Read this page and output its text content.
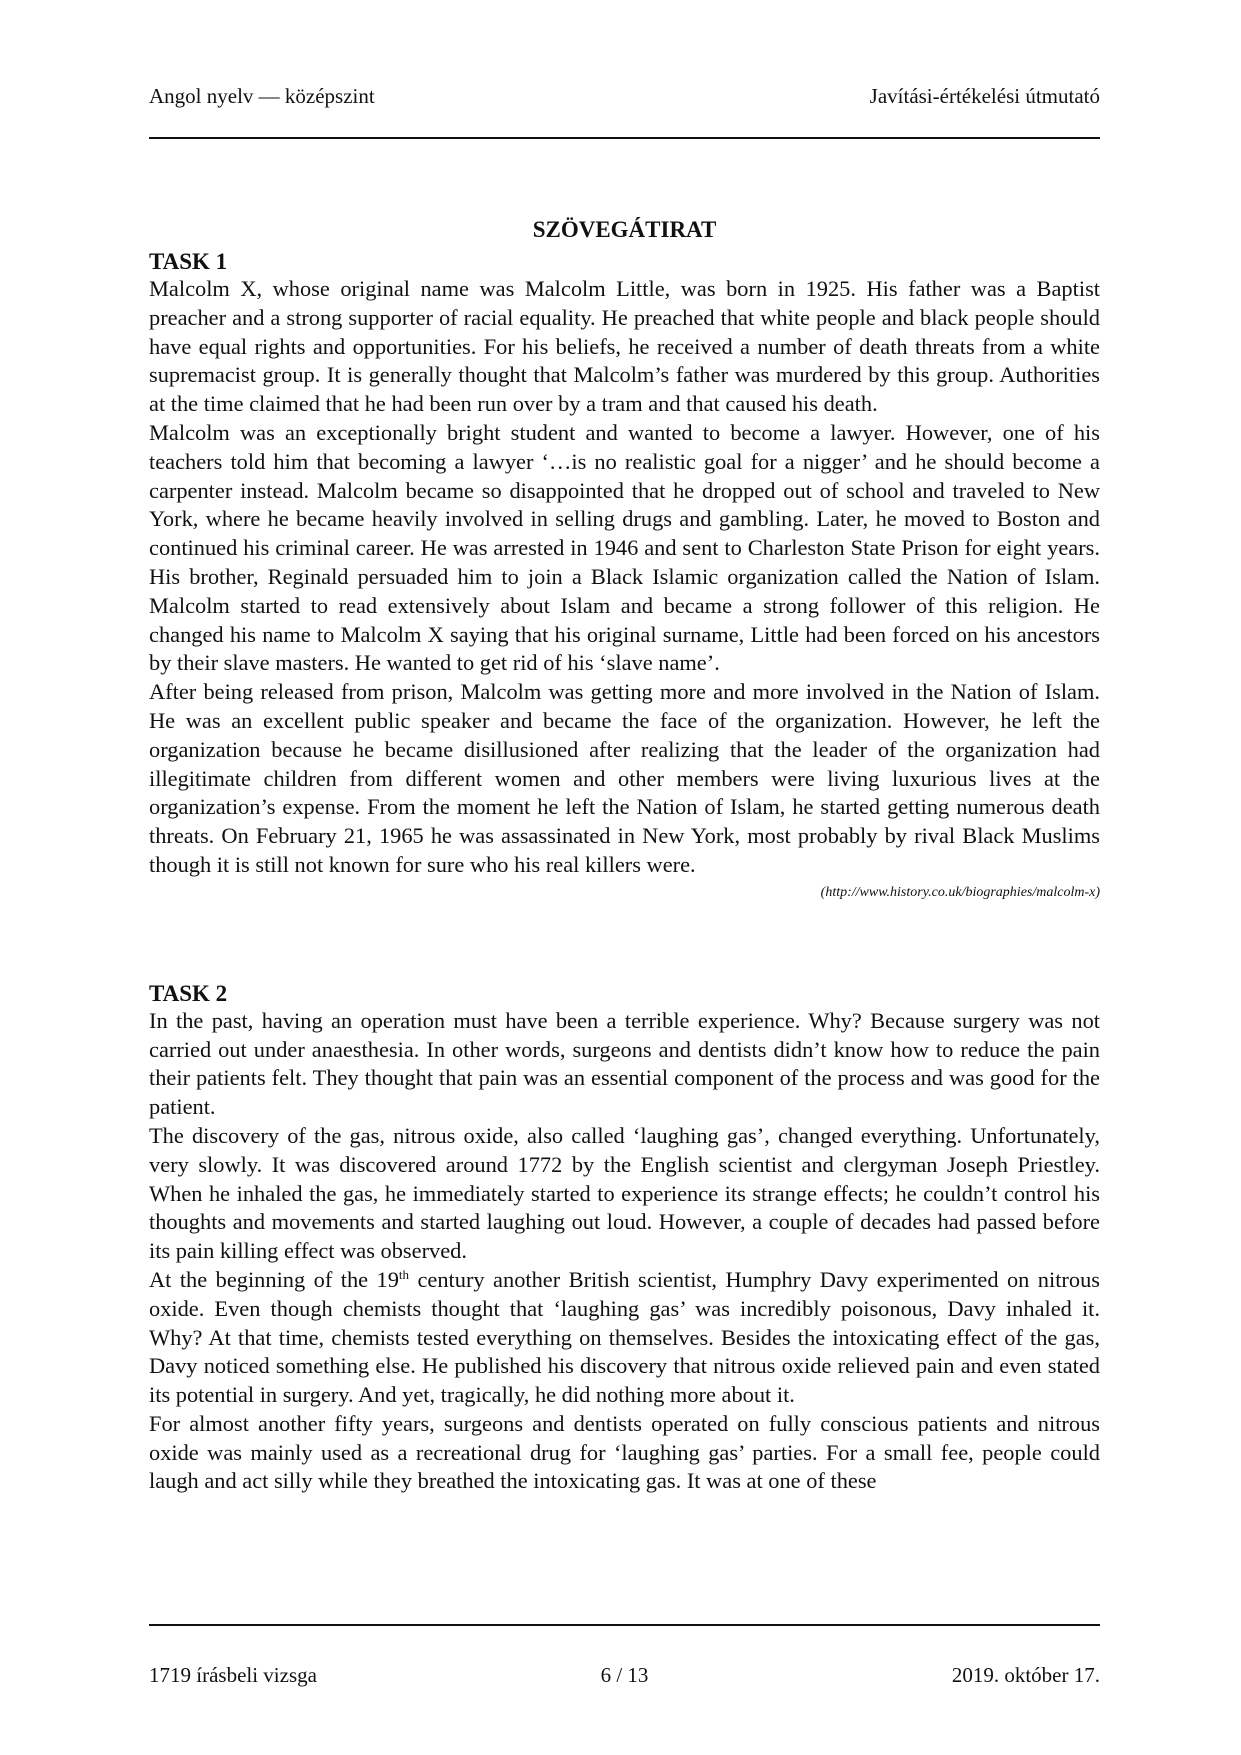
Angol nyelv — középszint	Javítási-értékelési útmutató

SZÖVEGÁTIRAT

TASK 1

Malcolm X, whose original name was Malcolm Little, was born in 1925. His father was a Baptist preacher and a strong supporter of racial equality. He preached that white people and black people should have equal rights and opportunities. For his beliefs, he received a number of death threats from a white supremacist group. It is generally thought that Malcolm’s father was murdered by this group. Authorities at the time claimed that he had been run over by a tram and that caused his death.

Malcolm was an exceptionally bright student and wanted to become a lawyer. However, one of his teachers told him that becoming a lawyer ‘…is no realistic goal for a nigger’ and he should become a carpenter instead. Malcolm became so disappointed that he dropped out of school and traveled to New York, where he became heavily involved in selling drugs and gambling. Later, he moved to Boston and continued his criminal career. He was arrested in 1946 and sent to Charleston State Prison for eight years. His brother, Reginald persuaded him to join a Black Islamic organization called the Nation of Islam. Malcolm started to read extensively about Islam and became a strong follower of this religion. He changed his name to Malcolm X saying that his original surname, Little had been forced on his ancestors by their slave masters. He wanted to get rid of his ‘slave name’.

After being released from prison, Malcolm was getting more and more involved in the Nation of Islam. He was an excellent public speaker and became the face of the organization. However, he left the organization because he became disillusioned after realizing that the leader of the organization had illegitimate children from different women and other members were living luxurious lives at the organization’s expense. From the moment he left the Nation of Islam, he started getting numerous death threats. On February 21, 1965 he was assassinated in New York, most probably by rival Black Muslims though it is still not known for sure who his real killers were.

(http://www.history.co.uk/biographies/malcolm-x)

TASK 2

In the past, having an operation must have been a terrible experience. Why? Because surgery was not carried out under anaesthesia. In other words, surgeons and dentists didn’t know how to reduce the pain their patients felt. They thought that pain was an essential component of the process and was good for the patient.

The discovery of the gas, nitrous oxide, also called ‘laughing gas’, changed everything. Unfortunately, very slowly. It was discovered around 1772 by the English scientist and clergyman Joseph Priestley. When he inhaled the gas, he immediately started to experience its strange effects; he couldn’t control his thoughts and movements and started laughing out loud. However, a couple of decades had passed before its pain killing effect was observed.

At the beginning of the 19th century another British scientist, Humphry Davy experimented on nitrous oxide. Even though chemists thought that ‘laughing gas’ was incredibly poisonous, Davy inhaled it. Why? At that time, chemists tested everything on themselves. Besides the intoxicating effect of the gas, Davy noticed something else. He published his discovery that nitrous oxide relieved pain and even stated its potential in surgery. And yet, tragically, he did nothing more about it.

For almost another fifty years, surgeons and dentists operated on fully conscious patients and nitrous oxide was mainly used as a recreational drug for ‘laughing gas’ parties. For a small fee, people could laugh and act silly while they breathed the intoxicating gas. It was at one of these

1719 írásbeli vizsga	6 / 13	2019. október 17.
